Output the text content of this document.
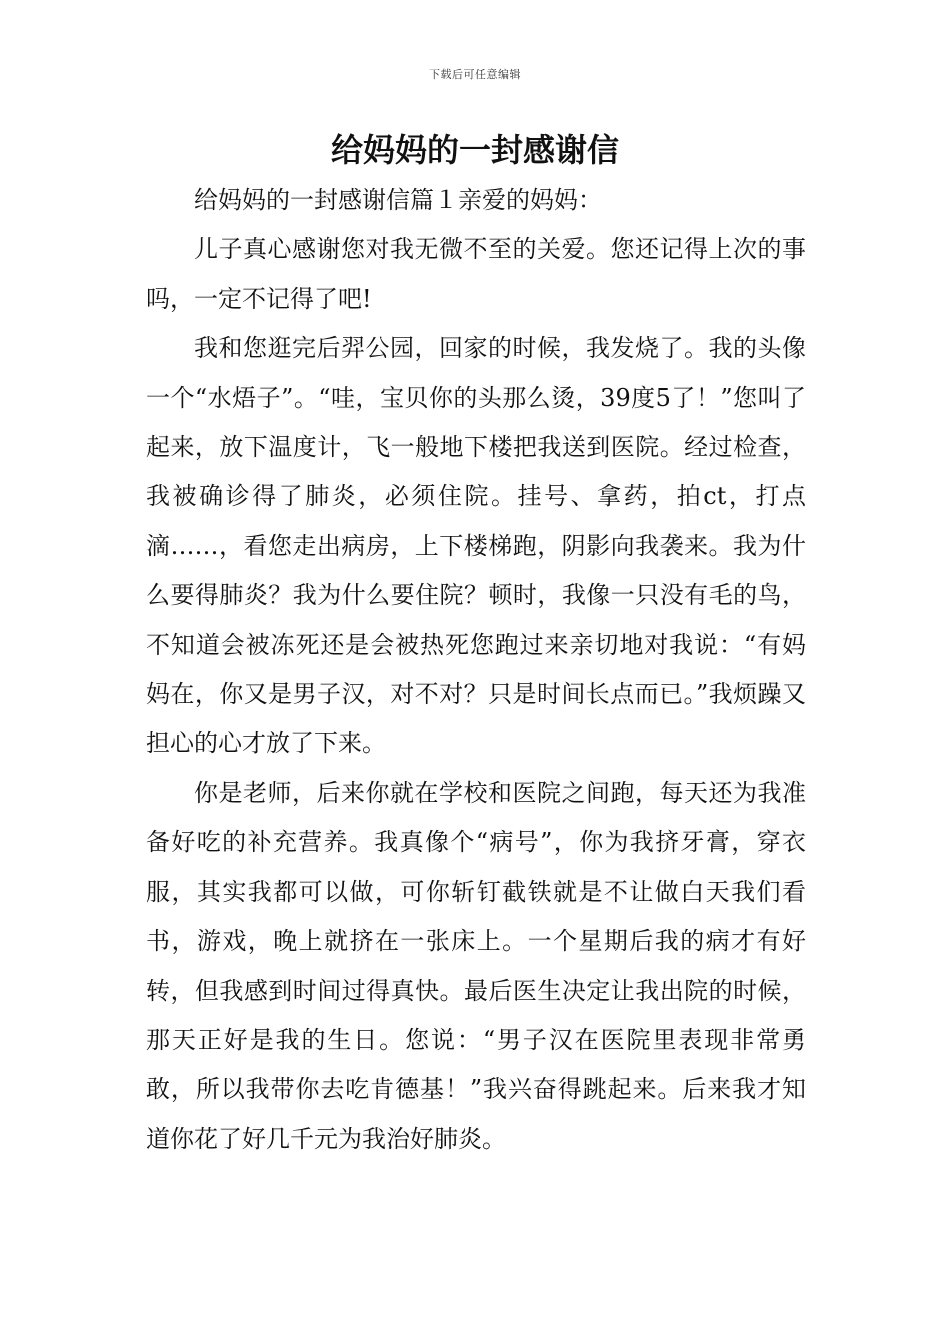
下载后可任意编辑
给妈妈的一封感谢信

给妈妈的一封感谢信篇１亲爱的妈妈：

儿子真心感谢您对我无微不至的关爱。您还记得上次的事吗，一定不记得了吧!

我和您逛完后羿公园，回家的时候，我发烧了。我的头像一个“水焐子”。“哇，宝贝你的头那么烫，39度5了！”您叫了起来，放下温度计，飞一般地下楼把我送到医院。经过检查，我被确诊得了肺炎，必须住院。挂号、拿药，拍ct，打点滴……，看您走出病房，上下楼梯跑，阴影向我袭来。我为什么要得肺炎？我为什么要住院？顿时，我像一只没有毛的鸟，不知道会被冻死还是会被热死您跑过来亲切地对我说：“有妈妈在，你又是男子汉，对不对？只是时间长点而已。”我烦躁又担心的心才放了下来。

你是老师，后来你就在学校和医院之间跑，每天还为我准备好吃的补充营养。我真像个“病号”，你为我挤牙膏，穿衣服，其实我都可以做，可你斩钉截铁就是不让做白天我们看书，游戏，晚上就挤在一张床上。一个星期后我的病才有好转，但我感到时间过得真快。最后医生决定让我出院的时候，那天正好是我的生日。您说：“男子汉在医院里表现非常勇敢，所以我带你去吃肯德基！”我兴奋得跳起来。后来我才知道你花了好几千元为我治好肺炎。
